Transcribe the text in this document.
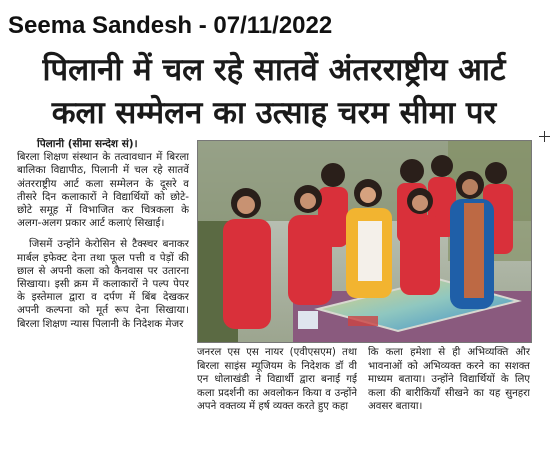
Seema Sandesh - 07/11/2022
पिलानी में चल रहे सातवें अंतरराष्ट्रीय आर्ट
कला सम्मेलन का उत्साह चरम सीमा पर

पिलानी (सीमा सन्देश सं)।
बिरला शिक्षण संस्थान के तत्वावधान में बिरला बालिका विद्यापीठ, पिलानी में चल रहे सातवें अंतरराष्ट्रीय आर्ट कला सम्मेलन के दूसरे व तीसरे दिन कलाकारों ने विद्यार्थियों को छोटे-छोटे समूह में विभाजित कर चित्रकला के अलग-अलग प्रकार आर्ट कलाएं सिखाई।

जिसमें उन्होंने केरोसिन से टैक्स्चर बनाकर मार्बल इफेक्ट देना तथा फूल पत्ती व पेड़ों की छाल से अपनी कला को कैनवास पर उतारना सिखाया। इसी क्रम में कलाकारों ने पल्प पेपर के इस्तेमाल द्वारा व दर्पण में बिंब देखकर अपनी कल्पना को मूर्त रूप देना सिखाया।बिरला शिक्षण न्यास पिलानी के निदेशक मेजर

जनरल एस एस नायर (एवीएसएम) तथा बिरला साइंस म्यूजियम के निदेशक डॉ वी एन धोलाखंडी ने विद्यार्थी द्वारा बनाई गई कला प्रदर्शनी का अवलोकन किया व उन्होंने अपने वक्तव्य में हर्ष व्यक्त करते हुए कहा

कि कला हमेशा से ही अभिव्यक्ति और भावनाओं को अभिव्यक्त करने का सशक्त माध्यम बताया। उन्होंने विद्यार्थियों के लिए कला की बारीकियाँ सीखने का यह सुनहरा अवसर बताया।
